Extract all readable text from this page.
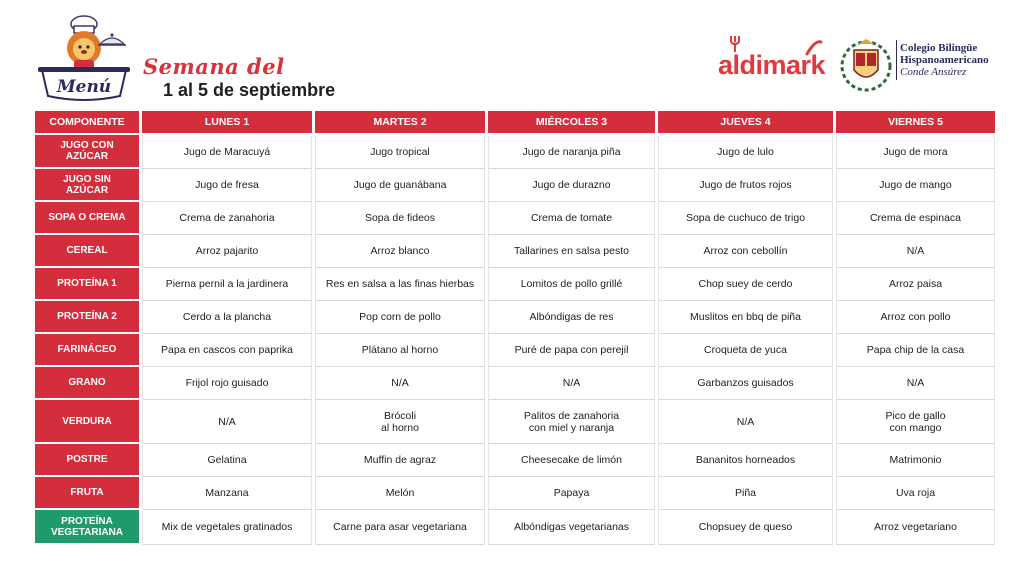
Menú
Semana del
1 al 5 de septiembre
aldimark
Colegio Bilingüe
Hispanoamericano
Conde Ansúrez
COMPONENTE	LUNES 1	MARTES 2	MIÉRCOLES 3	JUEVES 4	VIERNES 5

JUGO CON
AZÚCAR	Jugo de Maracuyá	Jugo tropical	Jugo de naranja piña	Jugo de lulo	Jugo de mora

JUGO SIN
AZÚCAR	Jugo de fresa	Jugo de guanábana	Jugo de durazno	Jugo de frutos rojos	Jugo de mango

SOPA O CREMA	Crema de zanahoria	Sopa de fideos	Crema de tomate	Sopa de cuchuco de trigo	Crema de espinaca

CEREAL	Arroz pajarito	Arroz blanco	Tallarines en salsa pesto	Arroz con cebollín	N/A

PROTEÍNA 1	Pierna pernil a la jardinera	Res en salsa a las finas hierbas	Lomitos de pollo grillé	Chop suey de cerdo	Arroz paisa

PROTEÍNA 2	Cerdo a la plancha	Pop corn de pollo	Albóndigas de res	Muslitos en bbq de piña	Arroz con pollo

FARINÁCEO	Papa en cascos con paprika	Plátano al horno	Puré de papa con perejil	Croqueta de yuca	Papa chip de la casa

GRANO	Frijol rojo guisado	N/A	N/A	Garbanzos guisados	N/A

VERDURA	N/A	Brócoli
al horno	Palitos de zanahoria
con miel y naranja	N/A	Pico de gallo
con mango

POSTRE	Gelatina	Muffin de agraz	Cheesecake de limón	Bananitos horneados	Matrimonio

FRUTA	Manzana	Melón	Papaya	Piña	Uva roja

PROTEÍNA
VEGETARIANA	Mix de vegetales gratinados	Carne para asar vegetariana	Albóndigas vegetarianas	Chopsuey de queso	Arroz vegetariano
